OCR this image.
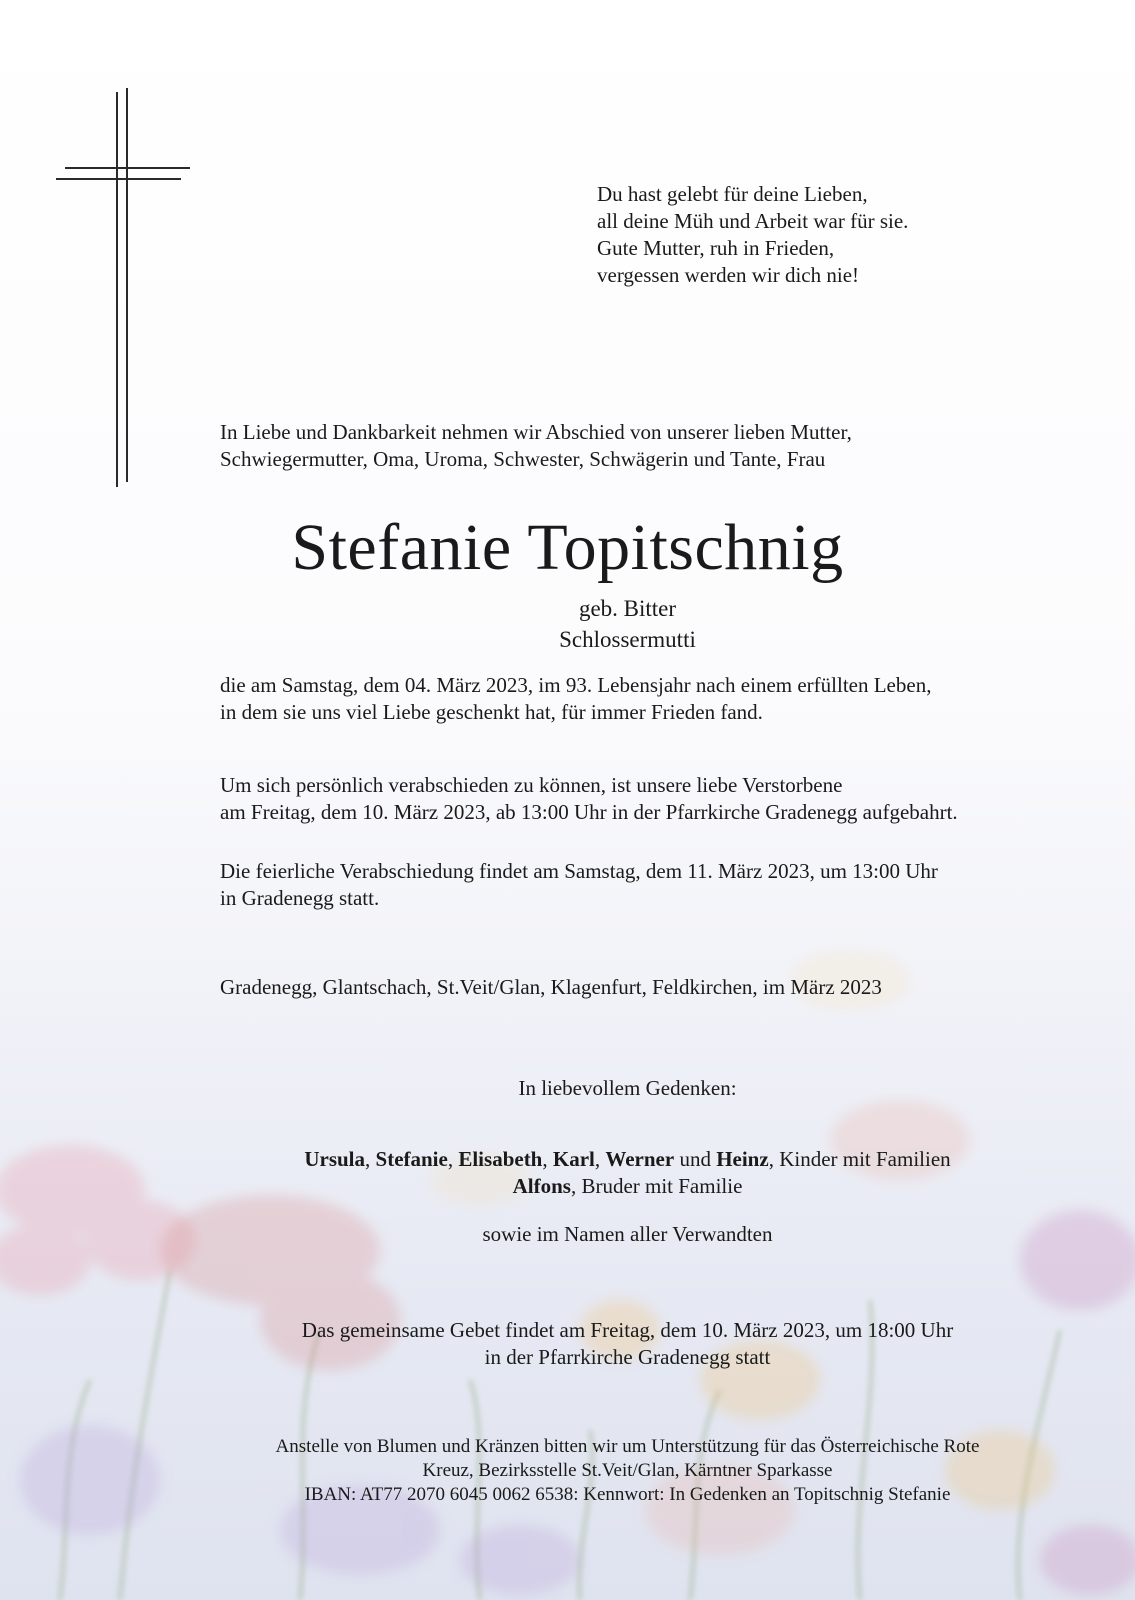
Du hast gelebt für deine Lieben,
all deine Müh und Arbeit war für sie.
Gute Mutter, ruh in Frieden,
vergessen werden wir dich nie!
In Liebe und Dankbarkeit nehmen wir Abschied von unserer lieben Mutter,
Schwiegermutter, Oma, Uroma, Schwester, Schwägerin und Tante, Frau
Stefanie Topitschnig
geb. Bitter
Schlossermutti
die am Samstag, dem 04. März 2023, im 93. Lebensjahr nach einem erfüllten Leben,
in dem sie uns viel Liebe geschenkt hat, für immer Frieden fand.
Um sich persönlich verabschieden zu können, ist unsere liebe Verstorbene
am Freitag, dem 10. März 2023, ab 13:00 Uhr in der Pfarrkirche Gradenegg aufgebahrt.
Die feierliche Verabschiedung findet am Samstag, dem 11. März 2023, um 13:00 Uhr
in Gradenegg statt.
Gradenegg, Glantschach, St.Veit/Glan, Klagenfurt, Feldkirchen, im März 2023
In liebevollem Gedenken:
Ursula, Stefanie, Elisabeth, Karl, Werner und Heinz, Kinder mit Familien
Alfons, Bruder mit Familie
sowie im Namen aller Verwandten
Das gemeinsame Gebet findet am Freitag, dem 10. März 2023, um 18:00 Uhr
in der Pfarrkirche Gradenegg statt
Anstelle von Blumen und Kränzen bitten wir um Unterstützung für das Österreichische Rote
Kreuz, Bezirksstelle St.Veit/Glan, Kärntner Sparkasse
IBAN: AT77 2070 6045 0062 6538: Kennwort: In Gedenken an Topitschnig Stefanie
